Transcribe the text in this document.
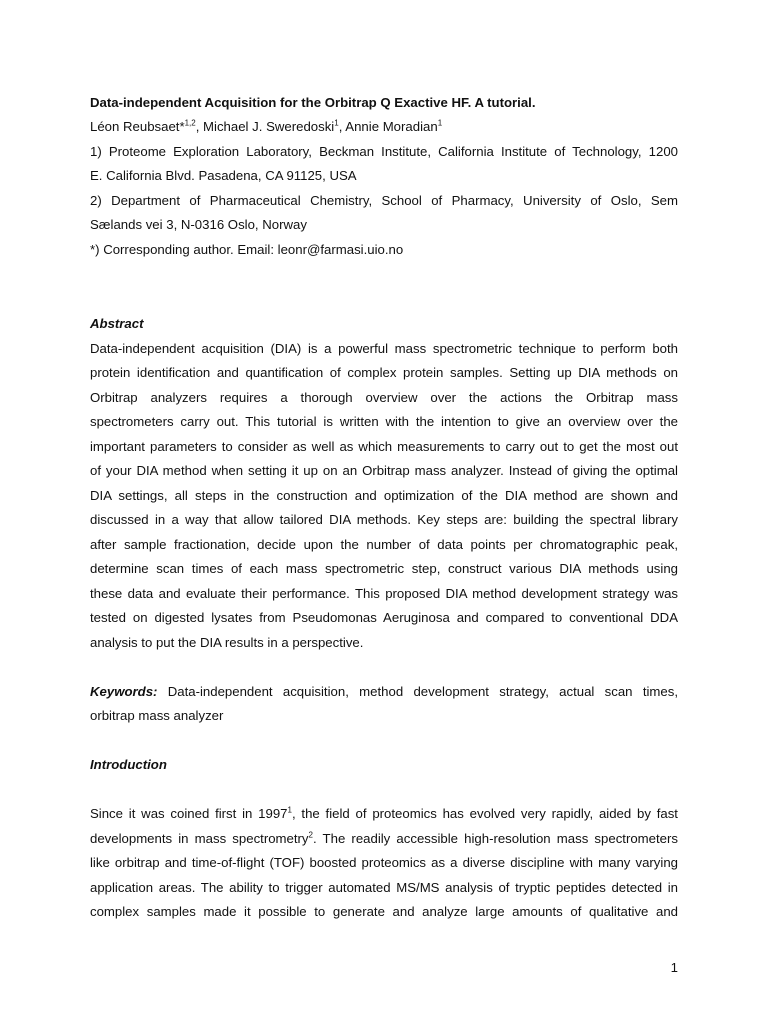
Data-independent Acquisition for the Orbitrap Q Exactive HF. A tutorial.
Léon Reubsaet*$^{1,2}$, Michael J. Sweredoski$^1$, Annie Moradian$^1$
1) Proteome Exploration Laboratory, Beckman Institute, California Institute of Technology, 1200
E. California Blvd. Pasadena, CA 91125, USA
2) Department of Pharmaceutical Chemistry, School of Pharmacy, University of Oslo, Sem
Sælands vei 3, N-0316 Oslo, Norway
*) Corresponding author. Email: leonr@farmasi.uio.no
Abstract
Data-independent acquisition (DIA) is a powerful mass spectrometric technique to perform both
protein identification and quantification of complex protein samples. Setting up DIA methods on
Orbitrap analyzers requires a thorough overview over the actions the Orbitrap mass
spectrometers carry out. This tutorial is written with the intention to give an overview over the
important parameters to consider as well as which measurements to carry out to get the most out
of your DIA method when setting it up on an Orbitrap mass analyzer. Instead of giving the optimal
DIA settings, all steps in the construction and optimization of the DIA method are shown and
discussed in a way that allow tailored DIA methods. Key steps are: building the spectral library
after sample fractionation, decide upon the number of data points per chromatographic peak,
determine scan times of each mass spectrometric step, construct various DIA methods using
these data and evaluate their performance. This proposed DIA method development strategy was
tested on digested lysates from Pseudomonas Aeruginosa and compared to conventional DDA
analysis to put the DIA results in a perspective.
Keywords: Data-independent acquisition, method development strategy, actual scan times,
orbitrap mass analyzer
Introduction
Since it was coined first in 1997$^1$, the field of proteomics has evolved very rapidly, aided by fast
developments in mass spectrometry$^2$. The readily accessible high-resolution mass spectrometers
like orbitrap and time-of-flight (TOF) boosted proteomics as a diverse discipline with many varying
application areas. The ability to trigger automated MS/MS analysis of tryptic peptides detected in
complex samples made it possible to generate and analyze large amounts of qualitative and
1
